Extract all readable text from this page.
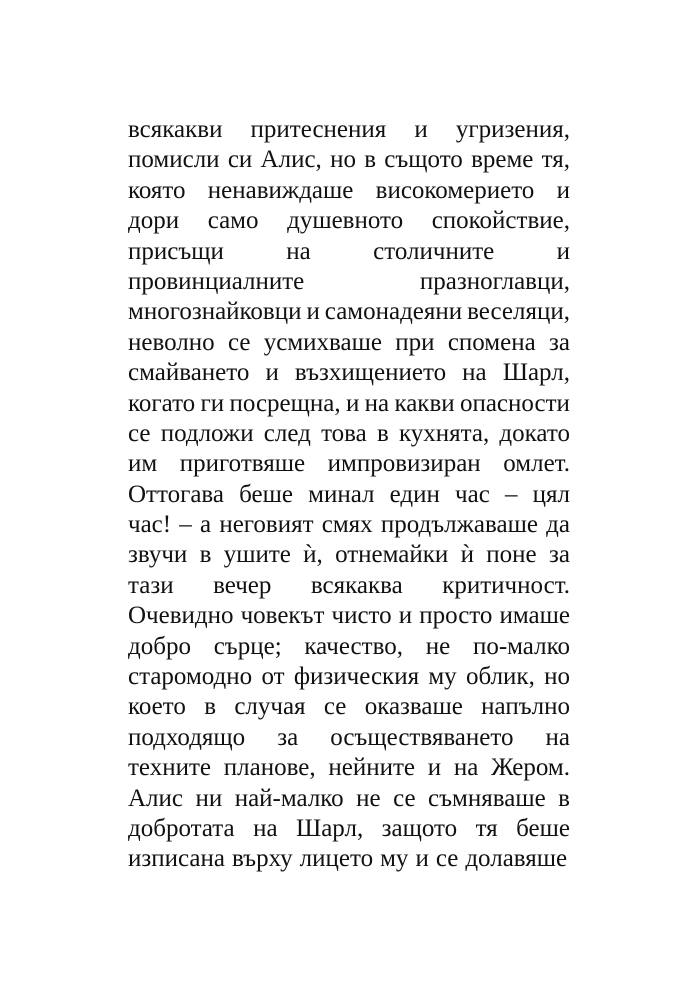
всякакви притеснения и угризения,
помисли си Алис, но в същото време тя,
която ненавиждаше високомерието и
дори само душевното спокойствие,
присъщи на столичните и
провинциалните	празноглавци,
многознайковци и самонадеяни веселяци,
неволно се усмихваше при спомена за
смайването и възхищението на Шарл,
когато ги посрещна, и на какви опасности
се подложи след това в кухнята, докато
им приготвяше импровизиран омлет.
Оттогава беше минал един час – цял
час! – а неговият смях продължаваше да
звучи в ушите ѝ, отнемайки ѝ поне за
тази вечер всякаква критичност.
Очевидно човекът чисто и просто имаше
добро сърце; качество, не по-малко
старомодно от физическия му облик, но
което в случая се оказваше напълно
подходящо за осъществяването на
техните планове, нейните и на Жером.
Алис ни най-малко не се съмняваше в
добротата на Шарл, защото тя беше
изписана върху лицето му и се долавяше
